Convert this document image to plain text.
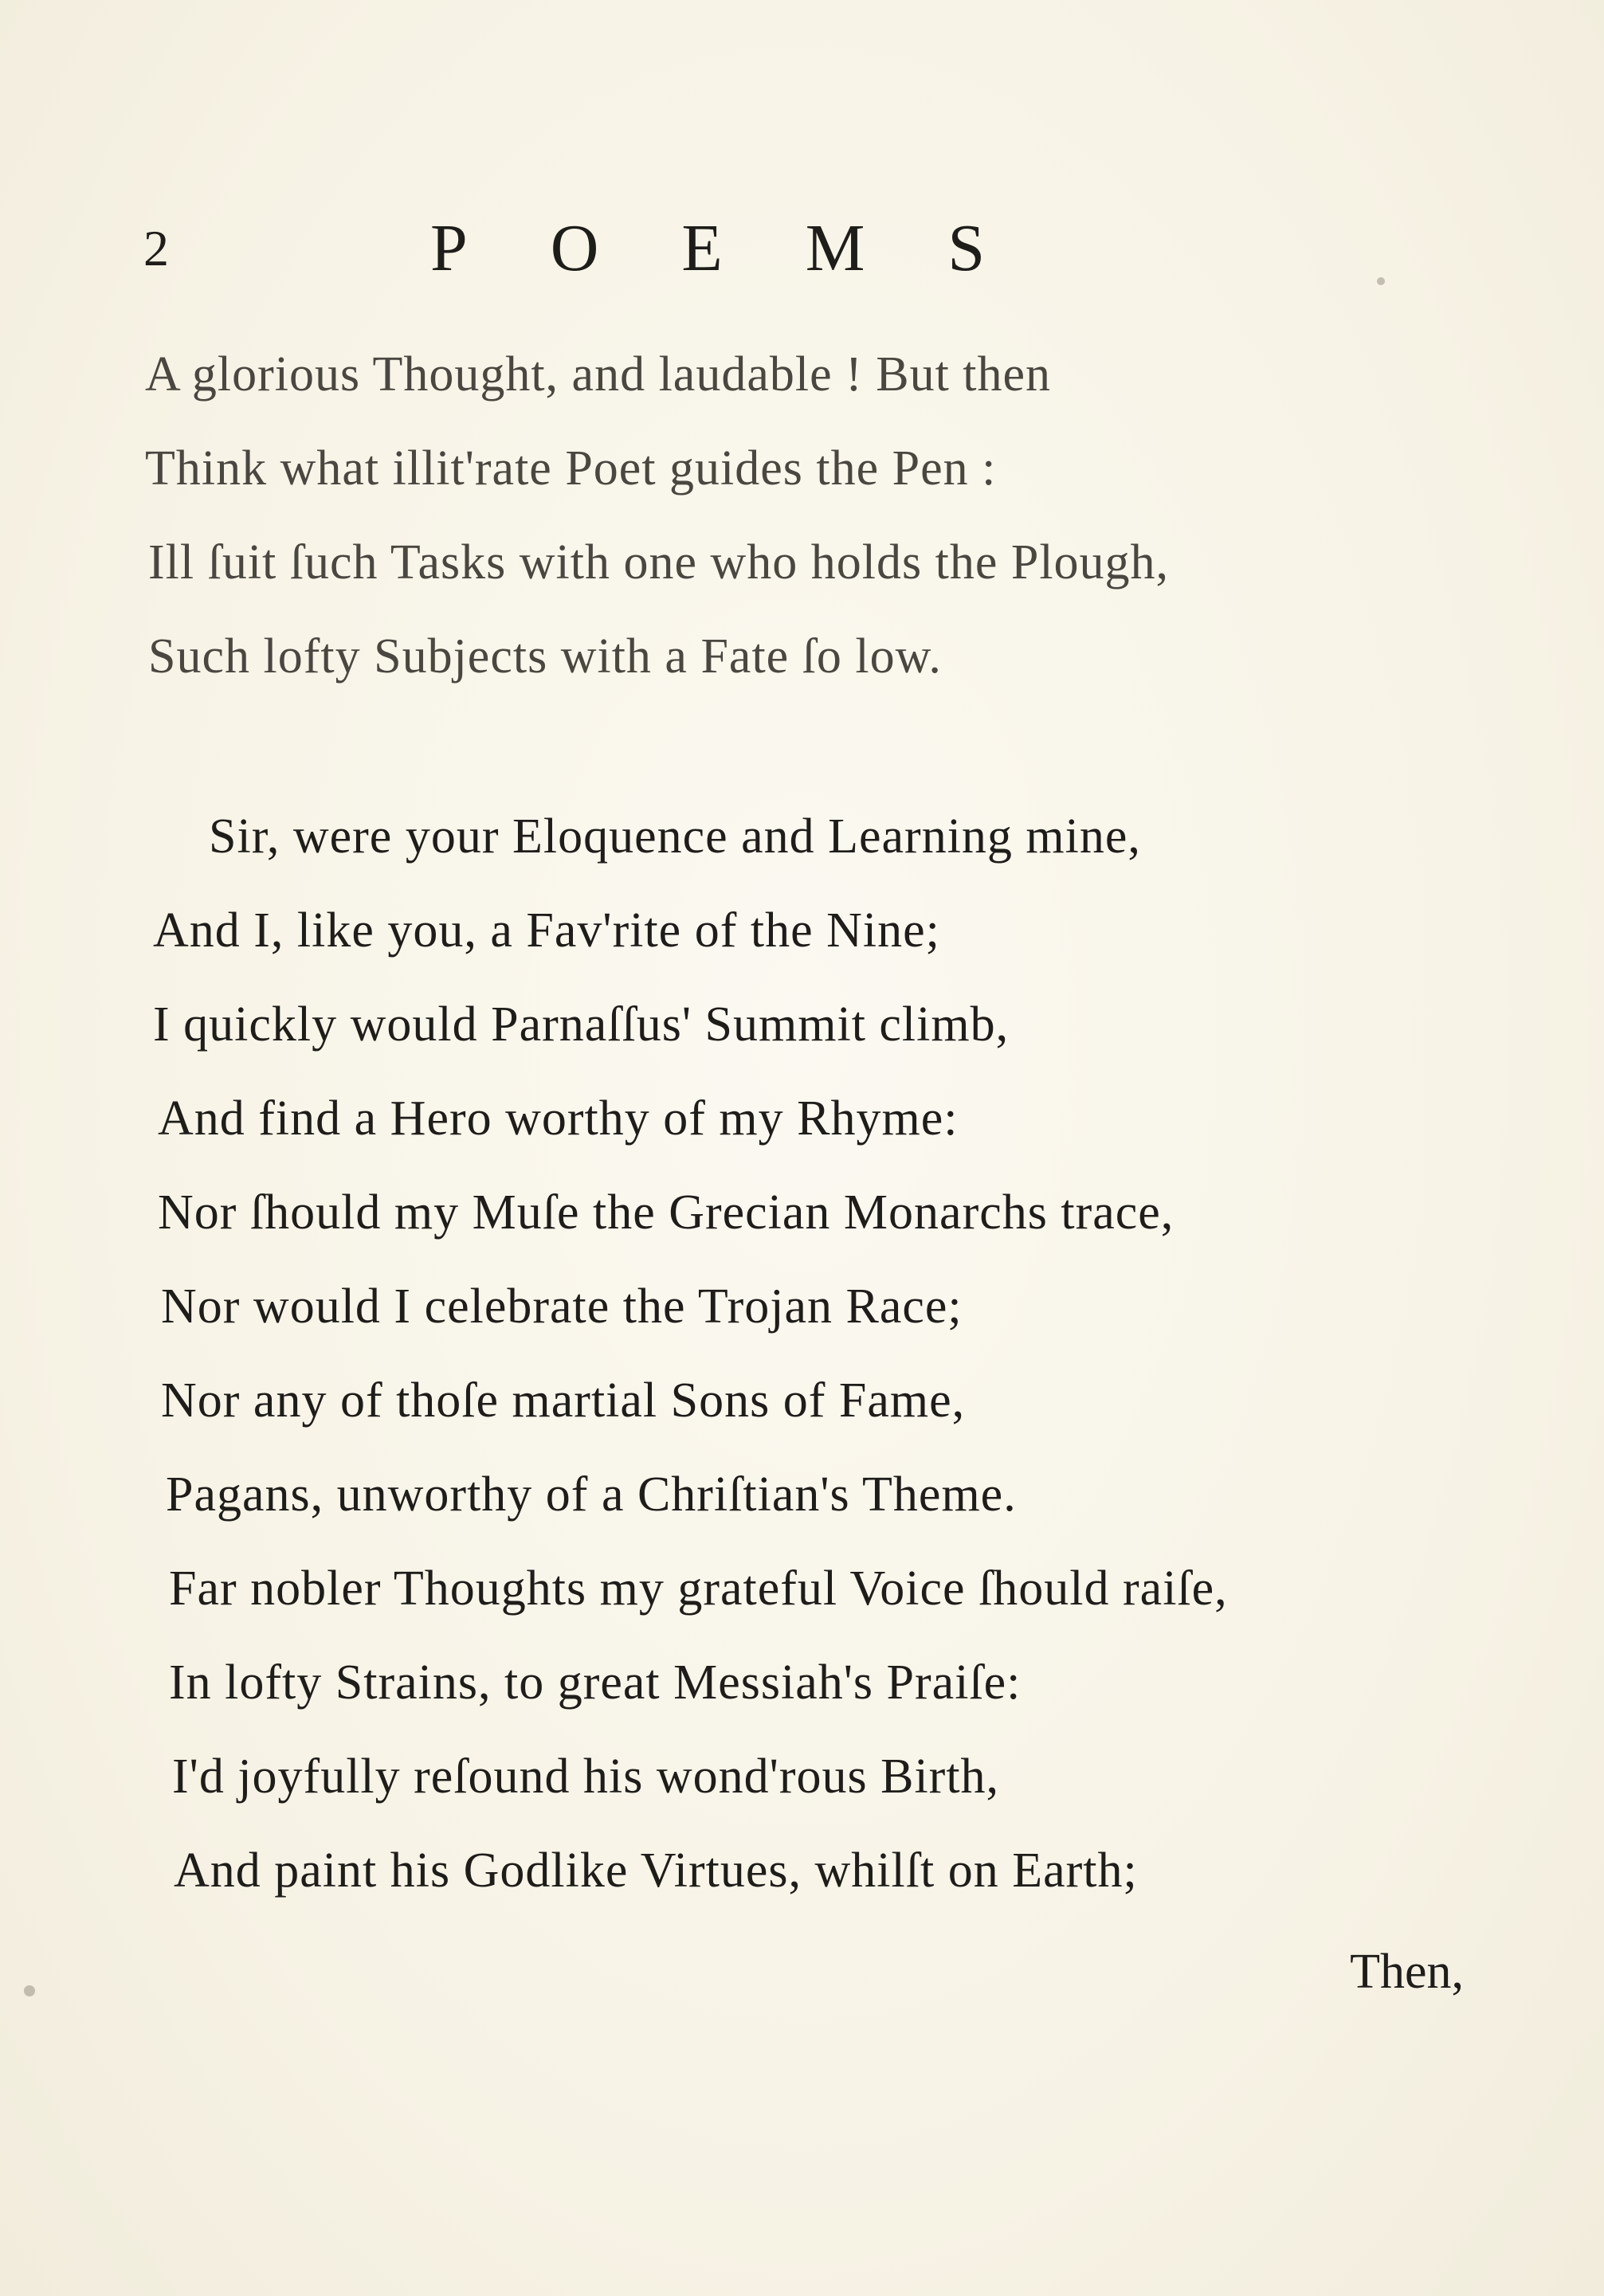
2	POEMS
A glorious Thought, and laudable ! But then
Think what illit'rate Poet guides the Pen :
Ill ſuit ſuch Tasks with one who holds the Plough,
Such lofty Subjects with a Fate ſo low.
Sir, were your Eloquence and Learning mine,
And I, like you, a Fav'rite of the Nine;
I quickly would Parnaſſus' Summit climb,
And find a Hero worthy of my Rhyme:
Nor ſhould my Muſe the Grecian Monarchs trace,
Nor would I celebrate the Trojan Race;
Nor any of thoſe martial Sons of Fame,
Pagans, unworthy of a Chriſtian's Theme.
Far nobler Thoughts my grateful Voice ſhould raiſe,
In lofty Strains, to great Messiah's Praiſe:
I'd joyfully reſound his wond'rous Birth,
And paint his Godlike Virtues, whilſt on Earth;
Then,
